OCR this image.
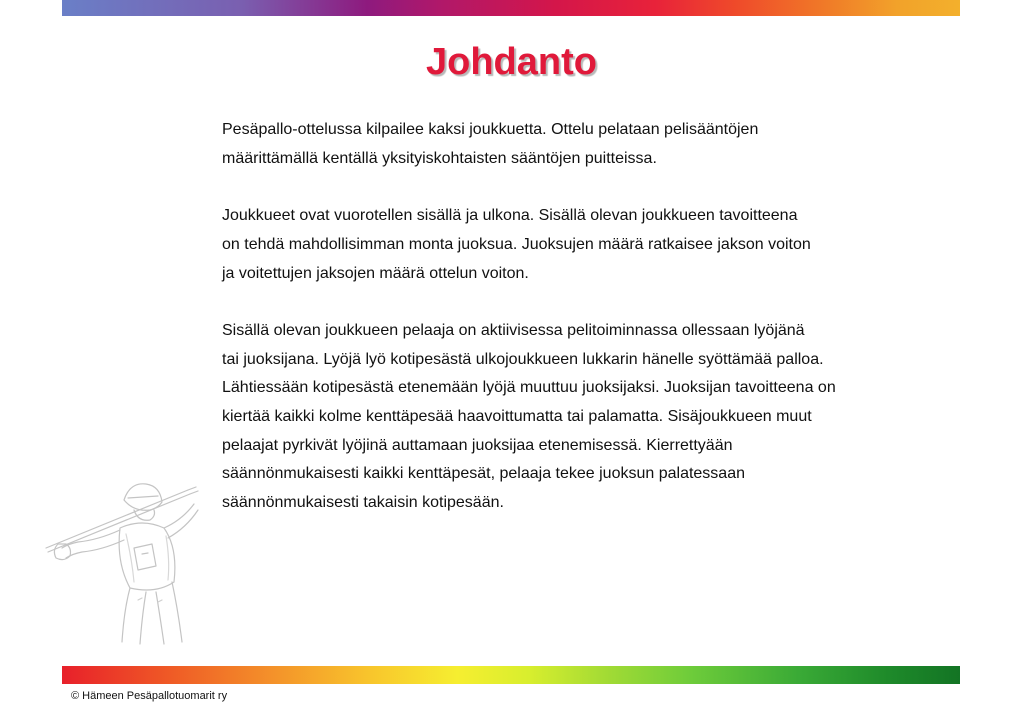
Johdanto

Pesäpallo-ottelussa kilpailee kaksi joukkuetta. Ottelu pelataan pelisääntöjen
määrittämällä kentällä yksityiskohtaisten sääntöjen puitteissa.

Joukkueet ovat vuorotellen sisällä ja ulkona. Sisällä olevan joukkueen tavoitteena
on tehdä mahdollisimman monta juoksua. Juoksujen määrä ratkaisee jakson voiton
ja voitettujen jaksojen määrä ottelun voiton.

Sisällä olevan joukkueen pelaaja on aktiivisessa pelitoiminnassa ollessaan lyöjänä
tai juoksijana. Lyöjä lyö kotipesästä ulkojoukkueen lukkarin hänelle syöttämää palloa.
Lähtiessään kotipesästä etenemään lyöjä muuttuu juoksijaksi. Juoksijan tavoitteena on
kiertää kaikki kolme kenttäpesää haavoittumatta tai palamatta. Sisäjoukkueen muut
pelaajat pyrkivät lyöjinä auttamaan juoksijaa etenemisessä. Kierrettyään
säännönmukaisesti kaikki kenttäpesät, pelaaja tekee juoksun palatessaan
säännönmukaisesti takaisin kotipesään.

© Hämeen Pesäpallotuomarit ry
